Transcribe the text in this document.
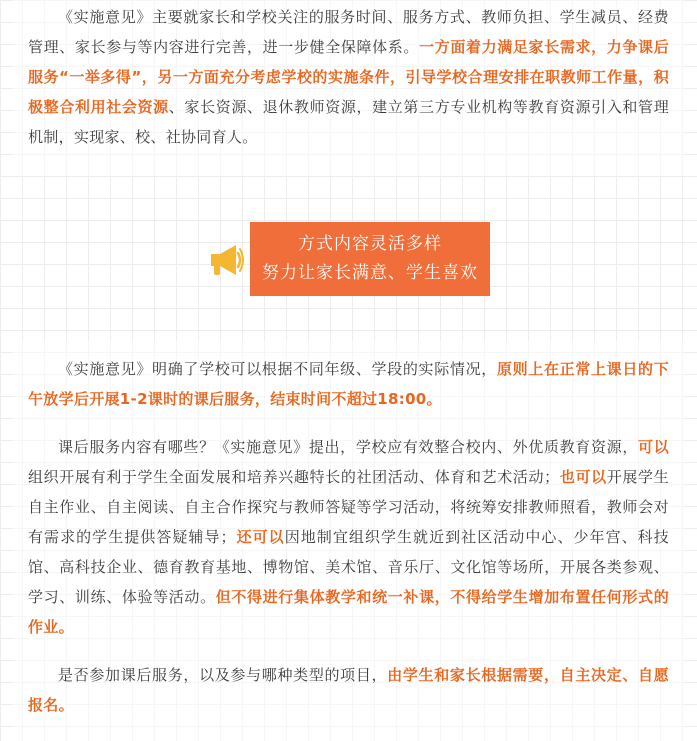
《实施意见》主要就家长和学校关注的服务时间、服务方式、教师负担、学生减员、经费管理、家长参与等内容进行完善，进一步健全保障体系。一方面着力满足家长需求，力争课后服务“一举多得”，另一方面充分考虑学校的实施条件，引导学校合理安排在职教师工作量，积极整合利用社会资源、家长资源、退休教师资源，建立第三方专业机构等教育资源引入和管理机制，实现家、校、社协同育人。

方式内容灵活多样
努力让家长满意、学生喜欢

《实施意见》明确了学校可以根据不同年级、学段的实际情况，原则上在正常上课日的下午放学后开展1-2课时的课后服务，结束时间不超过18:00。

课后服务内容有哪些？《实施意见》提出，学校应有效整合校内、外优质教育资源，可以组织开展有利于学生全面发展和培养兴趣特长的社团活动、体育和艺术活动；也可以开展学生自主作业、自主阅读、自主合作探究与教师答疑等学习活动，将统筹安排教师照看，教师会对有需求的学生提供答疑辅导；还可以因地制宜组织学生就近到社区活动中心、少年宫、科技馆、高科技企业、德育教育基地、博物馆、美术馆、音乐厅、文化馆等场所，开展各类参观、学习、训练、体验等活动。但不得进行集体教学和统一补课，不得给学生增加布置任何形式的作业。

是否参加课后服务，以及参与哪种类型的项目，由学生和家长根据需要，自主决定、自愿报名。
